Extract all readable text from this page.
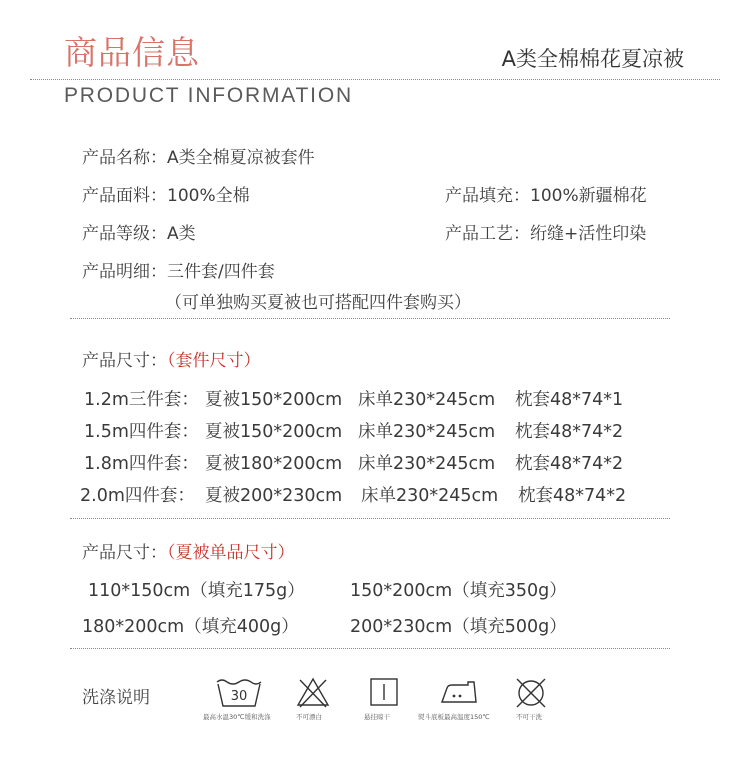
商品信息	A类全棉棉花夏凉被
PRODUCT INFORMATION
产品名称：A类全棉夏凉被套件
产品面料：100%全棉	产品填充：100%新疆棉花
产品等级：A类	产品工艺：绗缝+活性印染
产品明细：三件套/四件套
（可单独购买夏被也可搭配四件套购买）
产品尺寸：（套件尺寸）
1.2m三件套： 夏被150*200cm 床单230*245cm 枕套48*74*1
1.5m四件套： 夏被150*200cm 床单230*245cm 枕套48*74*2
1.8m四件套： 夏被180*200cm 床单230*245cm 枕套48*74*2
2.0m四件套： 夏被200*230cm 床单230*245cm 枕套48*74*2
产品尺寸：（夏被单品尺寸）
110*150cm（填充175g）	150*200cm（填充350g）
180*200cm（填充400g）	200*230cm（填充500g）
洗涤说明	30
最高水温30℃缓和洗涤	不可漂白	悬挂晾干	熨斗底板最高温度150℃	不可干洗
